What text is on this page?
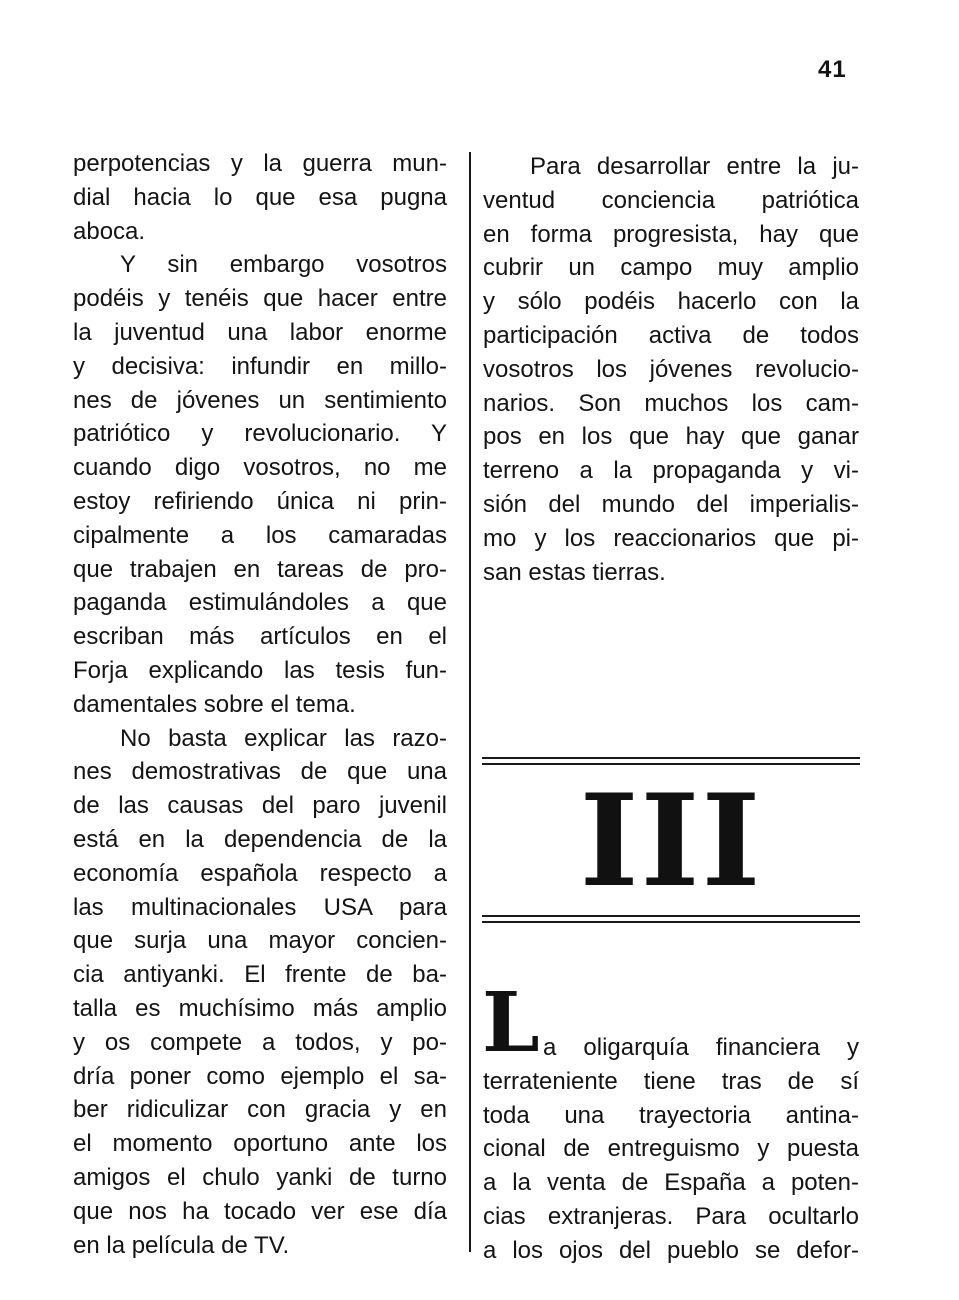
41
perpotencias y la guerra mun-
dial hacia lo que esa pugna
aboca.
Y sin embargo vosotros
podéis y tenéis que hacer entre
la juventud una labor enorme
y decisiva: infundir en millo-
nes de jóvenes un sentimiento
patriótico y revolucionario. Y
cuando digo vosotros, no me
estoy refiriendo única ni prin-
cipalmente a los camaradas
que trabajen en tareas de pro-
paganda estimulándoles a que
escriban más artículos en el
Forja explicando las tesis fun-
damentales sobre el tema.
No basta explicar las razo-
nes demostrativas de que una
de las causas del paro juvenil
está en la dependencia de la
economía española respecto a
las multinacionales USA para
que surja una mayor concien-
cia antiyanki. El frente de ba-
talla es muchísimo más amplio
y os compete a todos, y po-
dría poner como ejemplo el sa-
ber ridiculizar con gracia y en
el momento oportuno ante los
amigos el chulo yanki de turno
que nos ha tocado ver ese día
en la película de TV.
Para desarrollar entre la ju-
ventud conciencia patriótica
en forma progresista, hay que
cubrir un campo muy amplio
y sólo podéis hacerlo con la
participación activa de todos
vosotros los jóvenes revolucio-
narios. Son muchos los cam-
pos en los que hay que ganar
terreno a la propaganda y vi-
sión del mundo del imperialis-
mo y los reaccionarios que pi-
san estas tierras.
III
L a oligarquía financiera y
terrateniente tiene tras de sí
toda una trayectoria antina-
cional de entreguismo y puesta
a la venta de España a poten-
cias extranjeras. Para ocultarlo
a los ojos del pueblo se defor-
